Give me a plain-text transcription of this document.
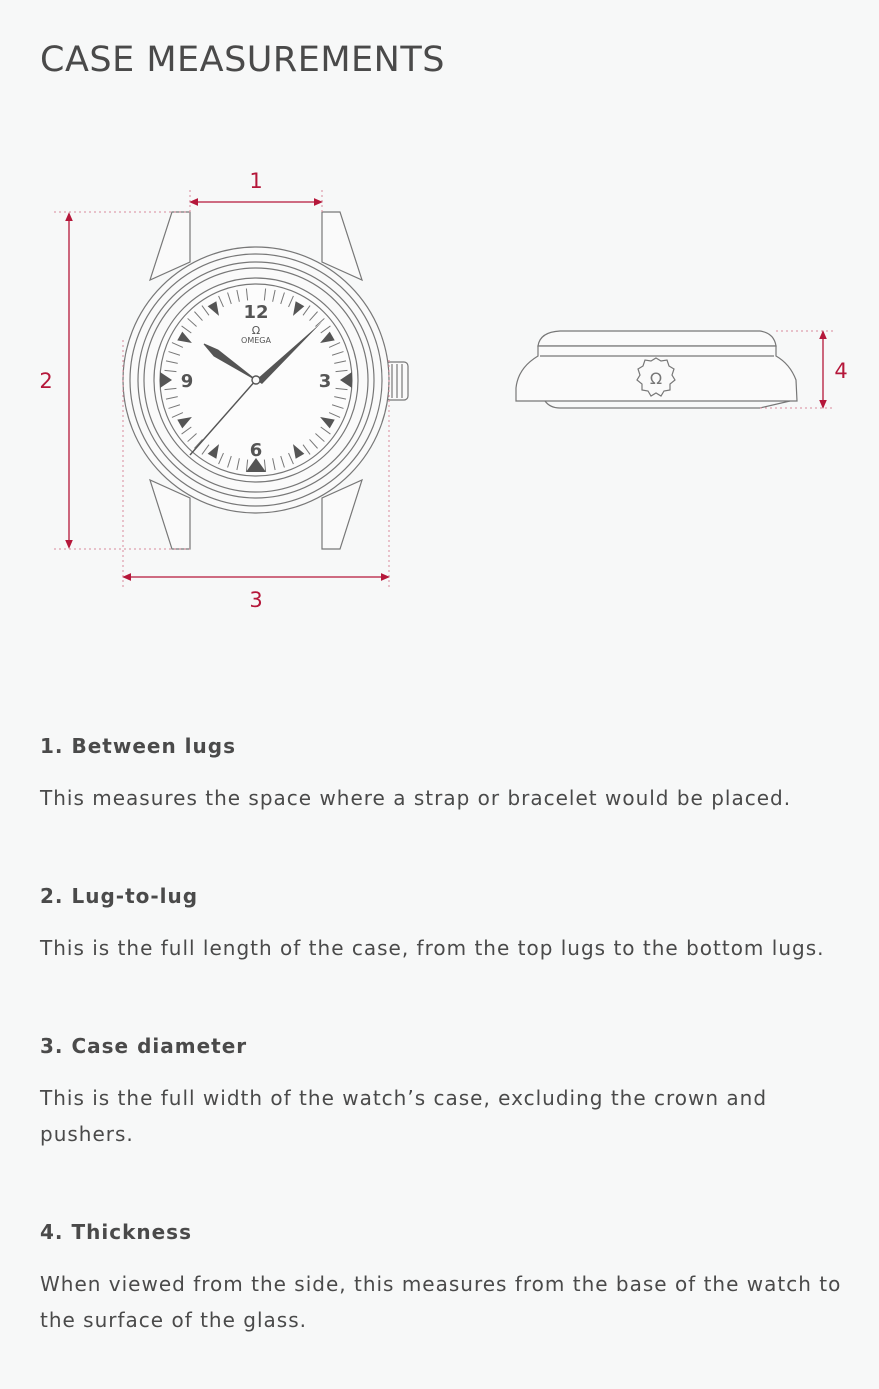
CASE MEASUREMENTS
12
3
6
9
Ω
OMEGA
Ω
1
2
3
4
1. Between lugs

This measures the space where a strap or bracelet would be placed.

2. Lug-to-lug

This is the full length of the case, from the top lugs to the bottom lugs.

3. Case diameter

This is the full width of the watch’s case, excluding the crown and pushers.

4. Thickness

When viewed from the side, this measures from the base of the watch to the surface of the glass.
